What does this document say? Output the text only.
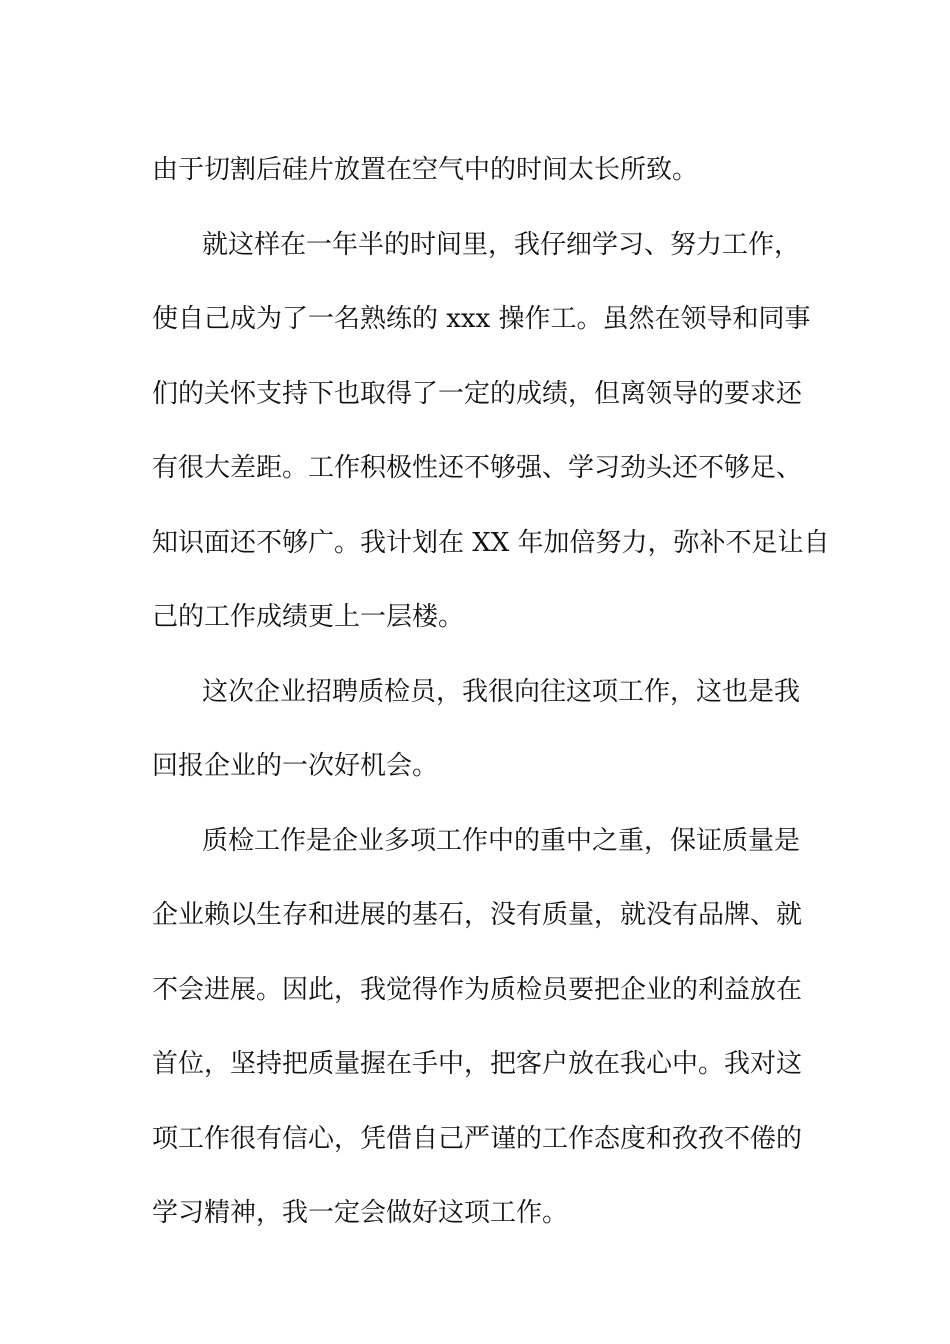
由于切割后硅片放置在空气中的时间太长所致。
就这样在一年半的时间里，我仔细学习、努力工作，
使自己成为了一名熟练的 xxx 操作工。虽然在领导和同事
们的关怀支持下也取得了一定的成绩，但离领导的要求还
有很大差距。工作积极性还不够强、学习劲头还不够足、
知识面还不够广。我计划在 XX 年加倍努力，弥补不足让自
己的工作成绩更上一层楼。
这次企业招聘质检员，我很向往这项工作，这也是我
回报企业的一次好机会。
质检工作是企业多项工作中的重中之重，保证质量是
企业赖以生存和进展的基石，没有质量，就没有品牌、就
不会进展。因此，我觉得作为质检员要把企业的利益放在
首位，坚持把质量握在手中，把客户放在我心中。我对这
项工作很有信心，凭借自己严谨的工作态度和孜孜不倦的
学习精神，我一定会做好这项工作。
